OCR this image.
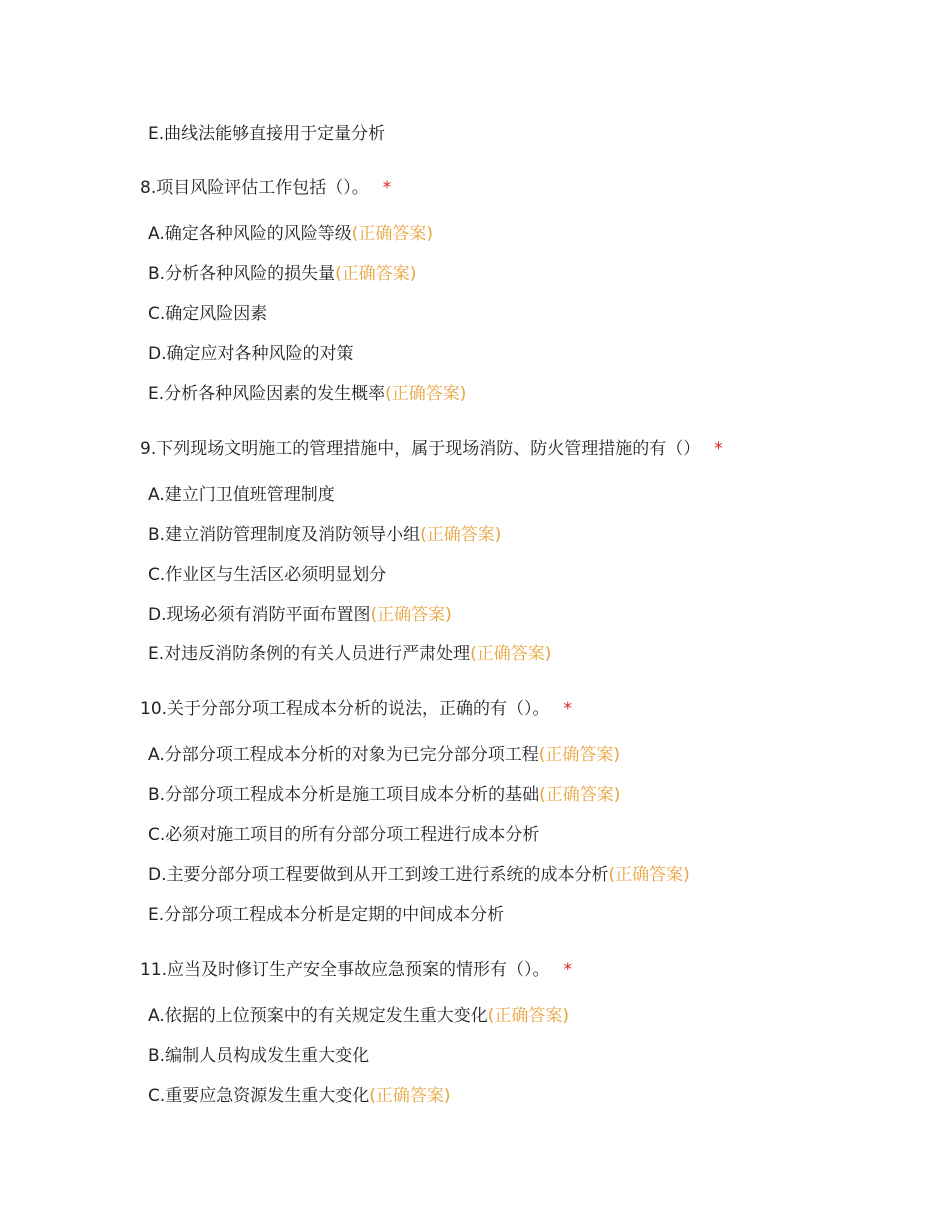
E.曲线法能够直接用于定量分析
8.项目风险评估工作包括（）。 *
A.确定各种风险的风险等级(正确答案)
B.分析各种风险的损失量(正确答案)
C.确定风险因素
D.确定应对各种风险的对策
E.分析各种风险因素的发生概率(正确答案)
9.下列现场文明施工的管理措施中，属于现场消防、防火管理措施的有（） *
A.建立门卫值班管理制度
B.建立消防管理制度及消防领导小组(正确答案)
C.作业区与生活区必须明显划分
D.现场必须有消防平面布置图(正确答案)
E.对违反消防条例的有关人员进行严肃处理(正确答案)
10.关于分部分项工程成本分析的说法，正确的有（）。 *
A.分部分项工程成本分析的对象为已完分部分项工程(正确答案)
B.分部分项工程成本分析是施工项目成本分析的基础(正确答案)
C.必须对施工项目的所有分部分项工程进行成本分析
D.主要分部分项工程要做到从开工到竣工进行系统的成本分析(正确答案)
E.分部分项工程成本分析是定期的中间成本分析
11.应当及时修订生产安全事故应急预案的情形有（）。 *
A.依据的上位预案中的有关规定发生重大变化(正确答案)
B.编制人员构成发生重大变化
C.重要应急资源发生重大变化(正确答案)
